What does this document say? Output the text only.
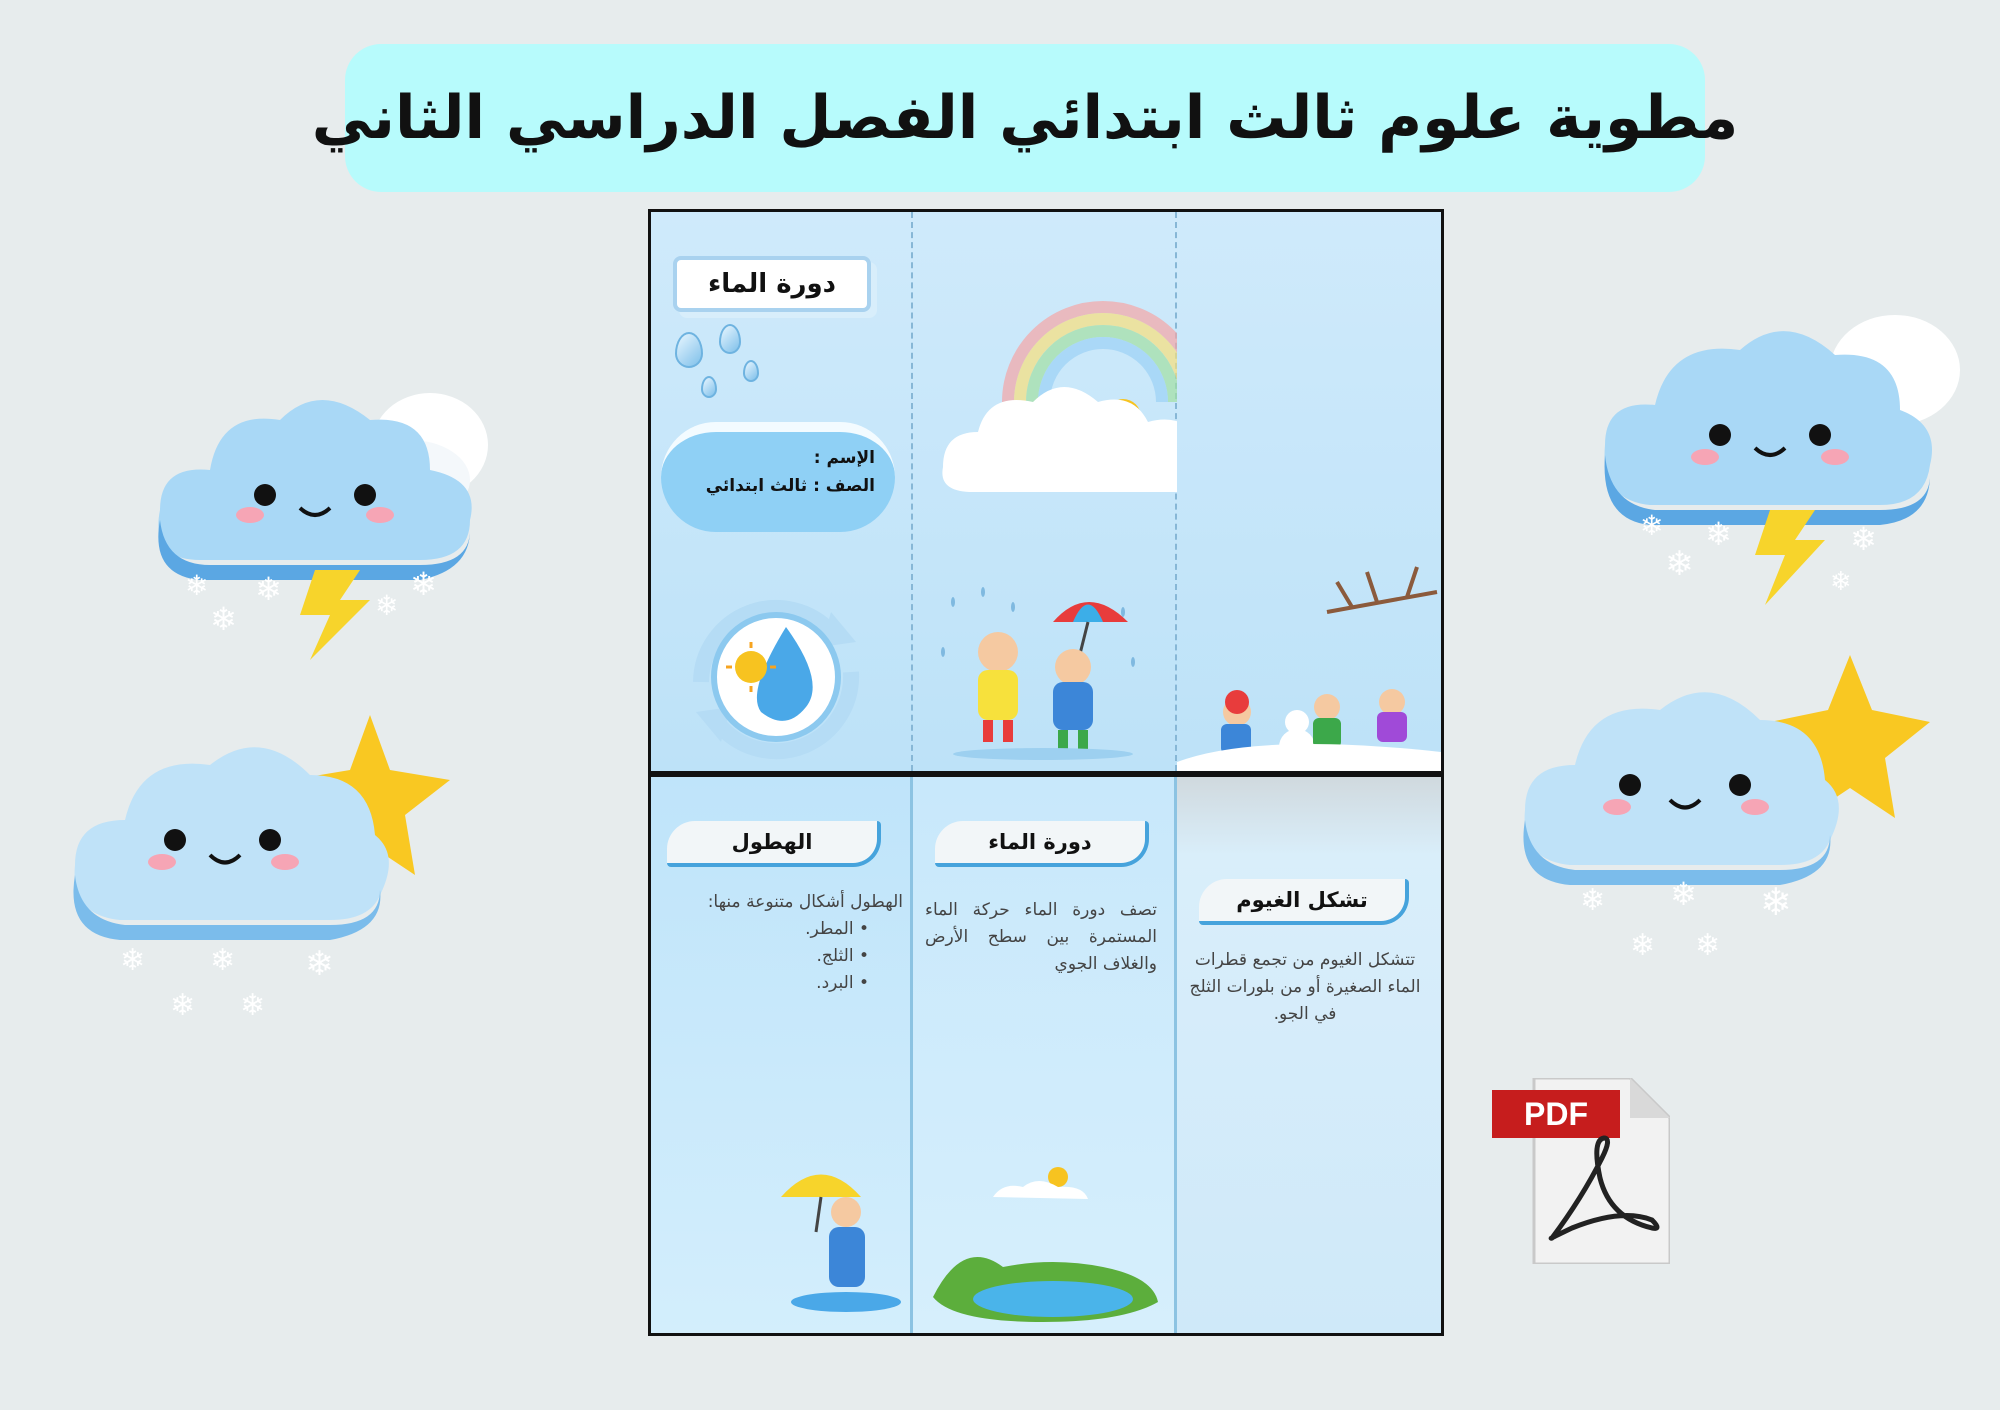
مطوية علوم ثالث ابتدائي الفصل الدراسي الثاني
❄
❄
❄	❄
❄
❄ ❄ ❄
❄ ❄
❄
❄
❄	❄
❄
❄ ❄ ❄
❄ ❄
دورة الماء
الإسم :
الصف : ثالث ابتدائي
الهطول
الهطول أشكال متنوعة منها:
• المطر.
• الثلج.
• البرد.
دورة الماء
تصف دورة الماء حركة الماء المستمرة بين سطح الأرض والغلاف الجوي
تشكل الغيوم
تتشكل الغيوم من تجمع قطرات الماء الصغيرة أو من بلورات الثلج في الجو.
PDF
